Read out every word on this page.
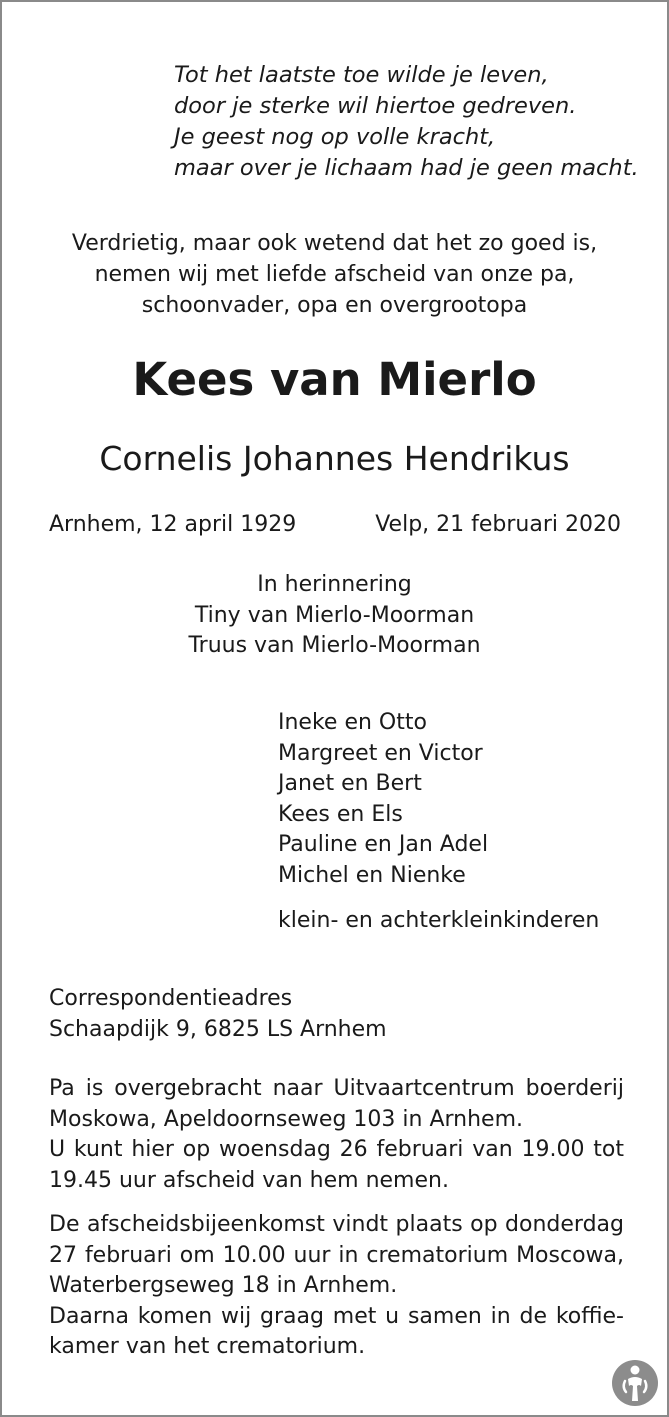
Tot het laatste toe wilde je leven,
door je sterke wil hiertoe gedreven.
Je geest nog op volle kracht,
maar over je lichaam had je geen macht.
Verdrietig, maar ook wetend dat het zo goed is,
nemen wij met liefde afscheid van onze pa,
schoonvader, opa en overgrootopa
Kees van Mierlo
Cornelis Johannes Hendrikus
Arnhem, 12 april 1929	Velp, 21 februari 2020
In herinnering
Tiny van Mierlo-Moorman
Truus van Mierlo-Moorman
Ineke en Otto
Margreet en Victor
Janet en Bert
Kees en Els
Pauline en Jan Adel
Michel en Nienke
klein- en achterkleinkinderen
Correspondentieadres
Schaapdijk 9, 6825 LS Arnhem
Pa is overgebracht naar Uitvaartcentrum boerderij
Moskowa, Apeldoornseweg 103 in Arnhem.
U kunt hier op woensdag 26 februari van 19.00 tot
19.45 uur afscheid van hem nemen.
De afscheidsbijeenkomst vindt plaats op donderdag
27 februari om 10.00 uur in crematorium Moscowa,
Waterbergseweg 18 in Arnhem.
Daarna komen wij graag met u samen in de koffie-
kamer van het crematorium.
